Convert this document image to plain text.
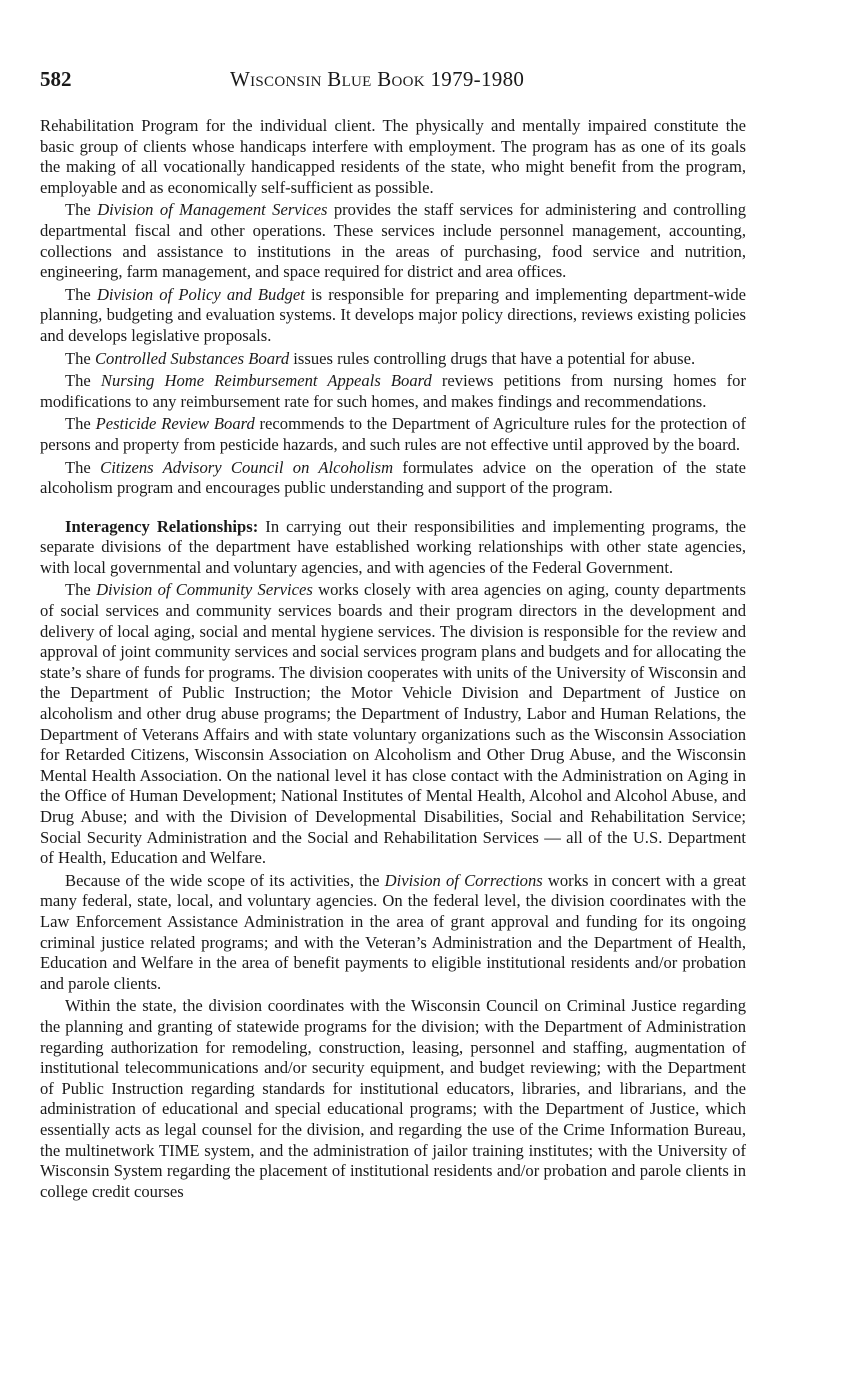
582	Wisconsin Blue Book 1979-1980

Rehabilitation Program for the individual client. The physically and mentally impaired constitute the basic group of clients whose handicaps interfere with employment. The program has as one of its goals the making of all vocationally handicapped residents of the state, who might benefit from the program, employable and as economically self-sufficient as possible.

The Division of Management Services provides the staff services for administering and controlling departmental fiscal and other operations. These services include personnel management, accounting, collections and assistance to institutions in the areas of purchasing, food service and nutrition, engineering, farm management, and space required for district and area offices.

The Division of Policy and Budget is responsible for preparing and implementing department-wide planning, budgeting and evaluation systems. It develops major policy directions, reviews existing policies and develops legislative proposals.

The Controlled Substances Board issues rules controlling drugs that have a potential for abuse.

The Nursing Home Reimbursement Appeals Board reviews petitions from nursing homes for modifications to any reimbursement rate for such homes, and makes findings and recommendations.

The Pesticide Review Board recommends to the Department of Agriculture rules for the protection of persons and property from pesticide hazards, and such rules are not effective until approved by the board.

The Citizens Advisory Council on Alcoholism formulates advice on the operation of the state alcoholism program and encourages public understanding and support of the program.

Interagency Relationships: In carrying out their responsibilities and implementing programs, the separate divisions of the department have established working relationships with other state agencies, with local governmental and voluntary agencies, and with agencies of the Federal Government.

The Division of Community Services works closely with area agencies on aging, county departments of social services and community services boards and their program directors in the development and delivery of local aging, social and mental hygiene services. The division is responsible for the review and approval of joint community services and social services program plans and budgets and for allocating the state’s share of funds for programs. The division cooperates with units of the University of Wisconsin and the Department of Public Instruction; the Motor Vehicle Division and Department of Justice on alcoholism and other drug abuse programs; the Department of Industry, Labor and Human Relations, the Department of Veterans Affairs and with state voluntary organizations such as the Wisconsin Association for Retarded Citizens, Wisconsin Association on Alcoholism and Other Drug Abuse, and the Wisconsin Mental Health Association. On the national level it has close contact with the Administration on Aging in the Office of Human Development; National Institutes of Mental Health, Alcohol and Alcohol Abuse, and Drug Abuse; and with the Division of Developmental Disabilities, Social and Rehabilitation Service; Social Security Administration and the Social and Rehabilitation Services — all of the U.S. Department of Health, Education and Welfare.

Because of the wide scope of its activities, the Division of Corrections works in concert with a great many federal, state, local, and voluntary agencies. On the federal level, the division coordinates with the Law Enforcement Assistance Administration in the area of grant approval and funding for its ongoing criminal justice related programs; and with the Veteran’s Administration and the Department of Health, Education and Welfare in the area of benefit payments to eligible institutional residents and/or probation and parole clients.

Within the state, the division coordinates with the Wisconsin Council on Criminal Justice regarding the planning and granting of statewide programs for the division; with the Department of Administration regarding authorization for remodeling, construction, leasing, personnel and staffing, augmentation of institutional telecommunications and/or security equipment, and budget reviewing; with the Department of Public Instruction regarding standards for institutional educators, libraries, and librarians, and the administration of educational and special educational programs; with the Department of Justice, which essentially acts as legal counsel for the division, and regarding the use of the Crime Information Bureau, the multinetwork TIME system, and the administration of jailor training institutes; with the University of Wisconsin System regarding the placement of institutional residents and/or probation and parole clients in college credit courses
